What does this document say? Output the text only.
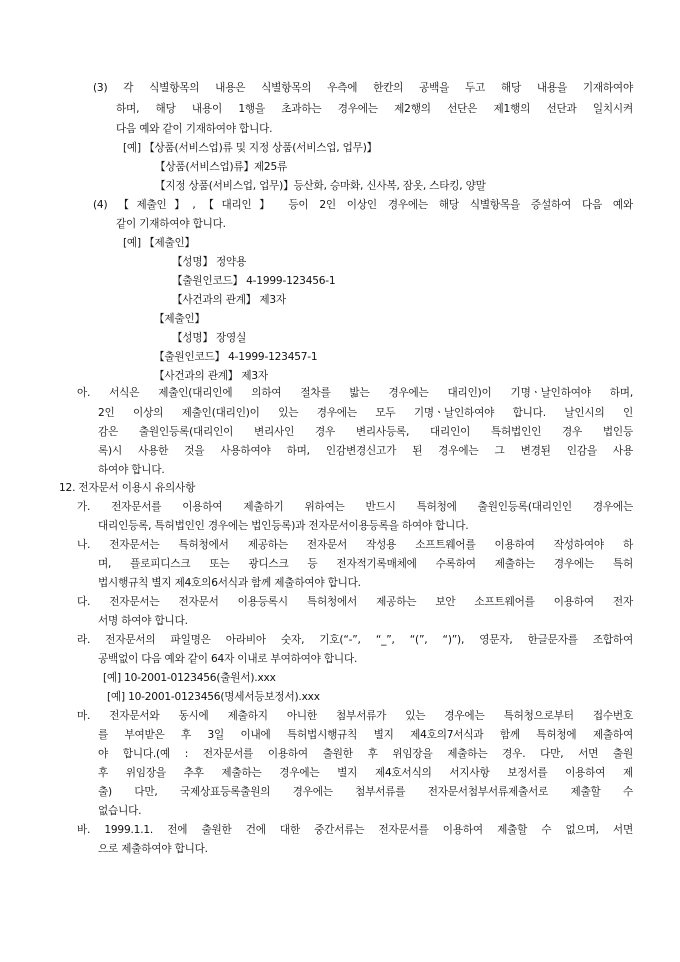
(3) 각 식별항목의 내용은 식별항목의 우측에 한칸의 공백을 두고 해당 내용을 기재하여야
하며, 해당 내용이 1행을 초과하는 경우에는 제2행의 선단은 제1행의 선단과 일치시켜
다음 예와 같이 기재하여야 합니다.
[예] 【상품(서비스업)류 및 지정 상품(서비스업, 업무)】
【상품(서비스업)류】제25류
【지정 상품(서비스업, 업무)】등산화, 승마화, 신사복, 잠옷, 스타킹, 양말
(4) 【제출인】,【대리인】 등이 2인 이상인 경우에는 해당 식별항목을 증설하여 다음 예와
같이 기재하여야 합니다.
[예] 【제출인】
【성명】 정약용
【출원인코드】 4-1999-123456-1
【사건과의 관계】 제3자
【제출인】
【성명】 장영실
【출원인코드】 4-1999-123457-1
【사건과의 관계】 제3자
아. 서식은 제출인(대리인에 의하여 절차를 밟는 경우에는 대리인)이 기명ㆍ날인하여야 하며,
2인 이상의 제출인(대리인)이 있는 경우에는 모두 기명ㆍ날인하여야 합니다. 날인시의 인
감은 출원인등록(대리인이 변리사인 경우 변리사등록, 대리인이 특허법인인 경우 법인등
록)시 사용한 것을 사용하여야 하며, 인감변경신고가 된 경우에는 그 변경된 인감을 사용
하여야 합니다.
12. 전자문서 이용시 유의사항
가. 전자문서를 이용하여 제출하기 위하여는 반드시 특허청에 출원인등록(대리인인 경우에는
대리인등록, 특허법인인 경우에는 법인등록)과 전자문서이용등록을 하여야 합니다.
나. 전자문서는 특허청에서 제공하는 전자문서 작성용 소프트웨어를 이용하여 작성하여야 하
며, 플로피디스크 또는 광디스크 등 전자적기록매체에 수록하여 제출하는 경우에는 특허
법시행규칙 별지 제4호의6서식과 함께 제출하여야 합니다.
다. 전자문서는 전자문서 이용등록시 특허청에서 제공하는 보안 소프트웨어를 이용하여 전자
서명 하여야 합니다.
라. 전자문서의 파일명은 아라비아 숫자, 기호(“-”, “_”, “(”, “)”), 영문자, 한글문자를 조합하여
공백없이 다음 예와 같이 64자 이내로 부여하여야 합니다.
[예] 10-2001-0123456(출원서).xxx
[예] 10-2001-0123456(명세서등보정서).xxx
마. 전자문서와 동시에 제출하지 아니한 첨부서류가 있는 경우에는 특허청으로부터 접수번호
를 부여받은 후 3일 이내에 특허법시행규칙 별지 제4호의7서식과 함께 특허청에 제출하여
야 합니다.(예 : 전자문서를 이용하여 출원한 후 위임장을 제출하는 경우. 다만, 서면 출원
후 위임장을 추후 제출하는 경우에는 별지 제4호서식의 서지사항 보정서를 이용하여 제
출) 다만, 국제상표등록출원의 경우에는 첨부서류를 전자문서첨부서류제출서로 제출할 수
없습니다.
바. 1999.1.1. 전에 출원한 건에 대한 중간서류는 전자문서를 이용하여 제출할 수 없으며, 서면
으로 제출하여야 합니다.
